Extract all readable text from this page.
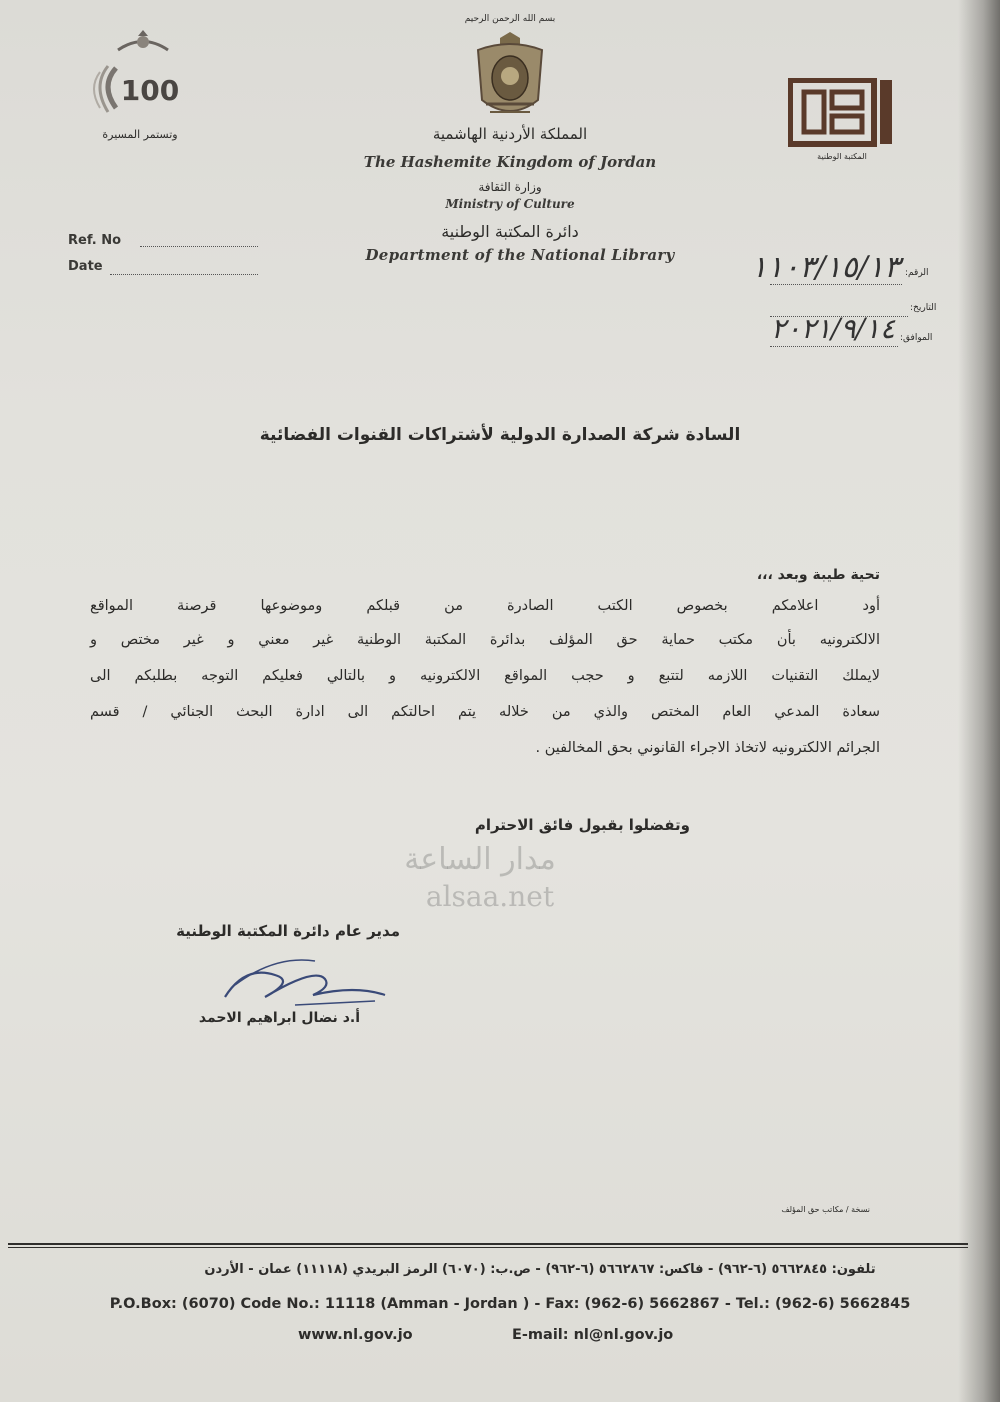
100
وتستمر المسيرة
بسم الله الرحمن الرحيم
المكتبة الوطنية
المملكة الأردنية الهاشمية
The Hashemite Kingdom of Jordan
وزارة الثقافة
Ministry of Culture
دائرة المكتبة الوطنية
Department of the National Library
Ref. No
Date	الرقم:
١١٠٣/١٥/١٣
التاريخ:
الموافق:
٢٠٢١/٩/١٤
السادة شركة الصدارة الدولية لأشتراكات القنوات الفضائية
تحية طيبة وبعد ،،،
أود اعلامكم بخصوص الكتب الصادرة من قبلكم وموضوعها قرصنة المواقع
الالكترونيه بأن مكتب حماية حق المؤلف بدائرة المكتبة الوطنية غير معني و غير مختص و
لايملك التقنيات اللازمه لتتبع و حجب المواقع الالكترونيه و بالتالي فعليكم التوجه بطلبكم الى
سعادة المدعي العام المختص والذي من خلاله يتم احالتكم الى ادارة البحث الجنائي / قسم
الجرائم الالكترونيه لاتخاذ الاجراء القانوني بحق المخالفين .
وتفضلوا بقبول فائق الاحترام
مدار الساعة
alsaa.net
مدير عام دائرة المكتبة الوطنية
أ.د نضال ابراهيم الاحمد
نسخة / مكاتب حق المؤلف
تلفون: ٥٦٦٢٨٤٥ (٦-٩٦٢) - فاكس: ٥٦٦٢٨٦٧ (٦-٩٦٢) - ص.ب: (٦٠٧٠) الرمز البريدي (١١١١٨) عمان - الأردن
P.O.Box: (6070) Code No.: 11118 (Amman - Jordan ) - Fax: (962-6) 5662867 - Tel.: (962-6) 5662845
www.nl.gov.jo	E-mail: nl@nl.gov.jo
